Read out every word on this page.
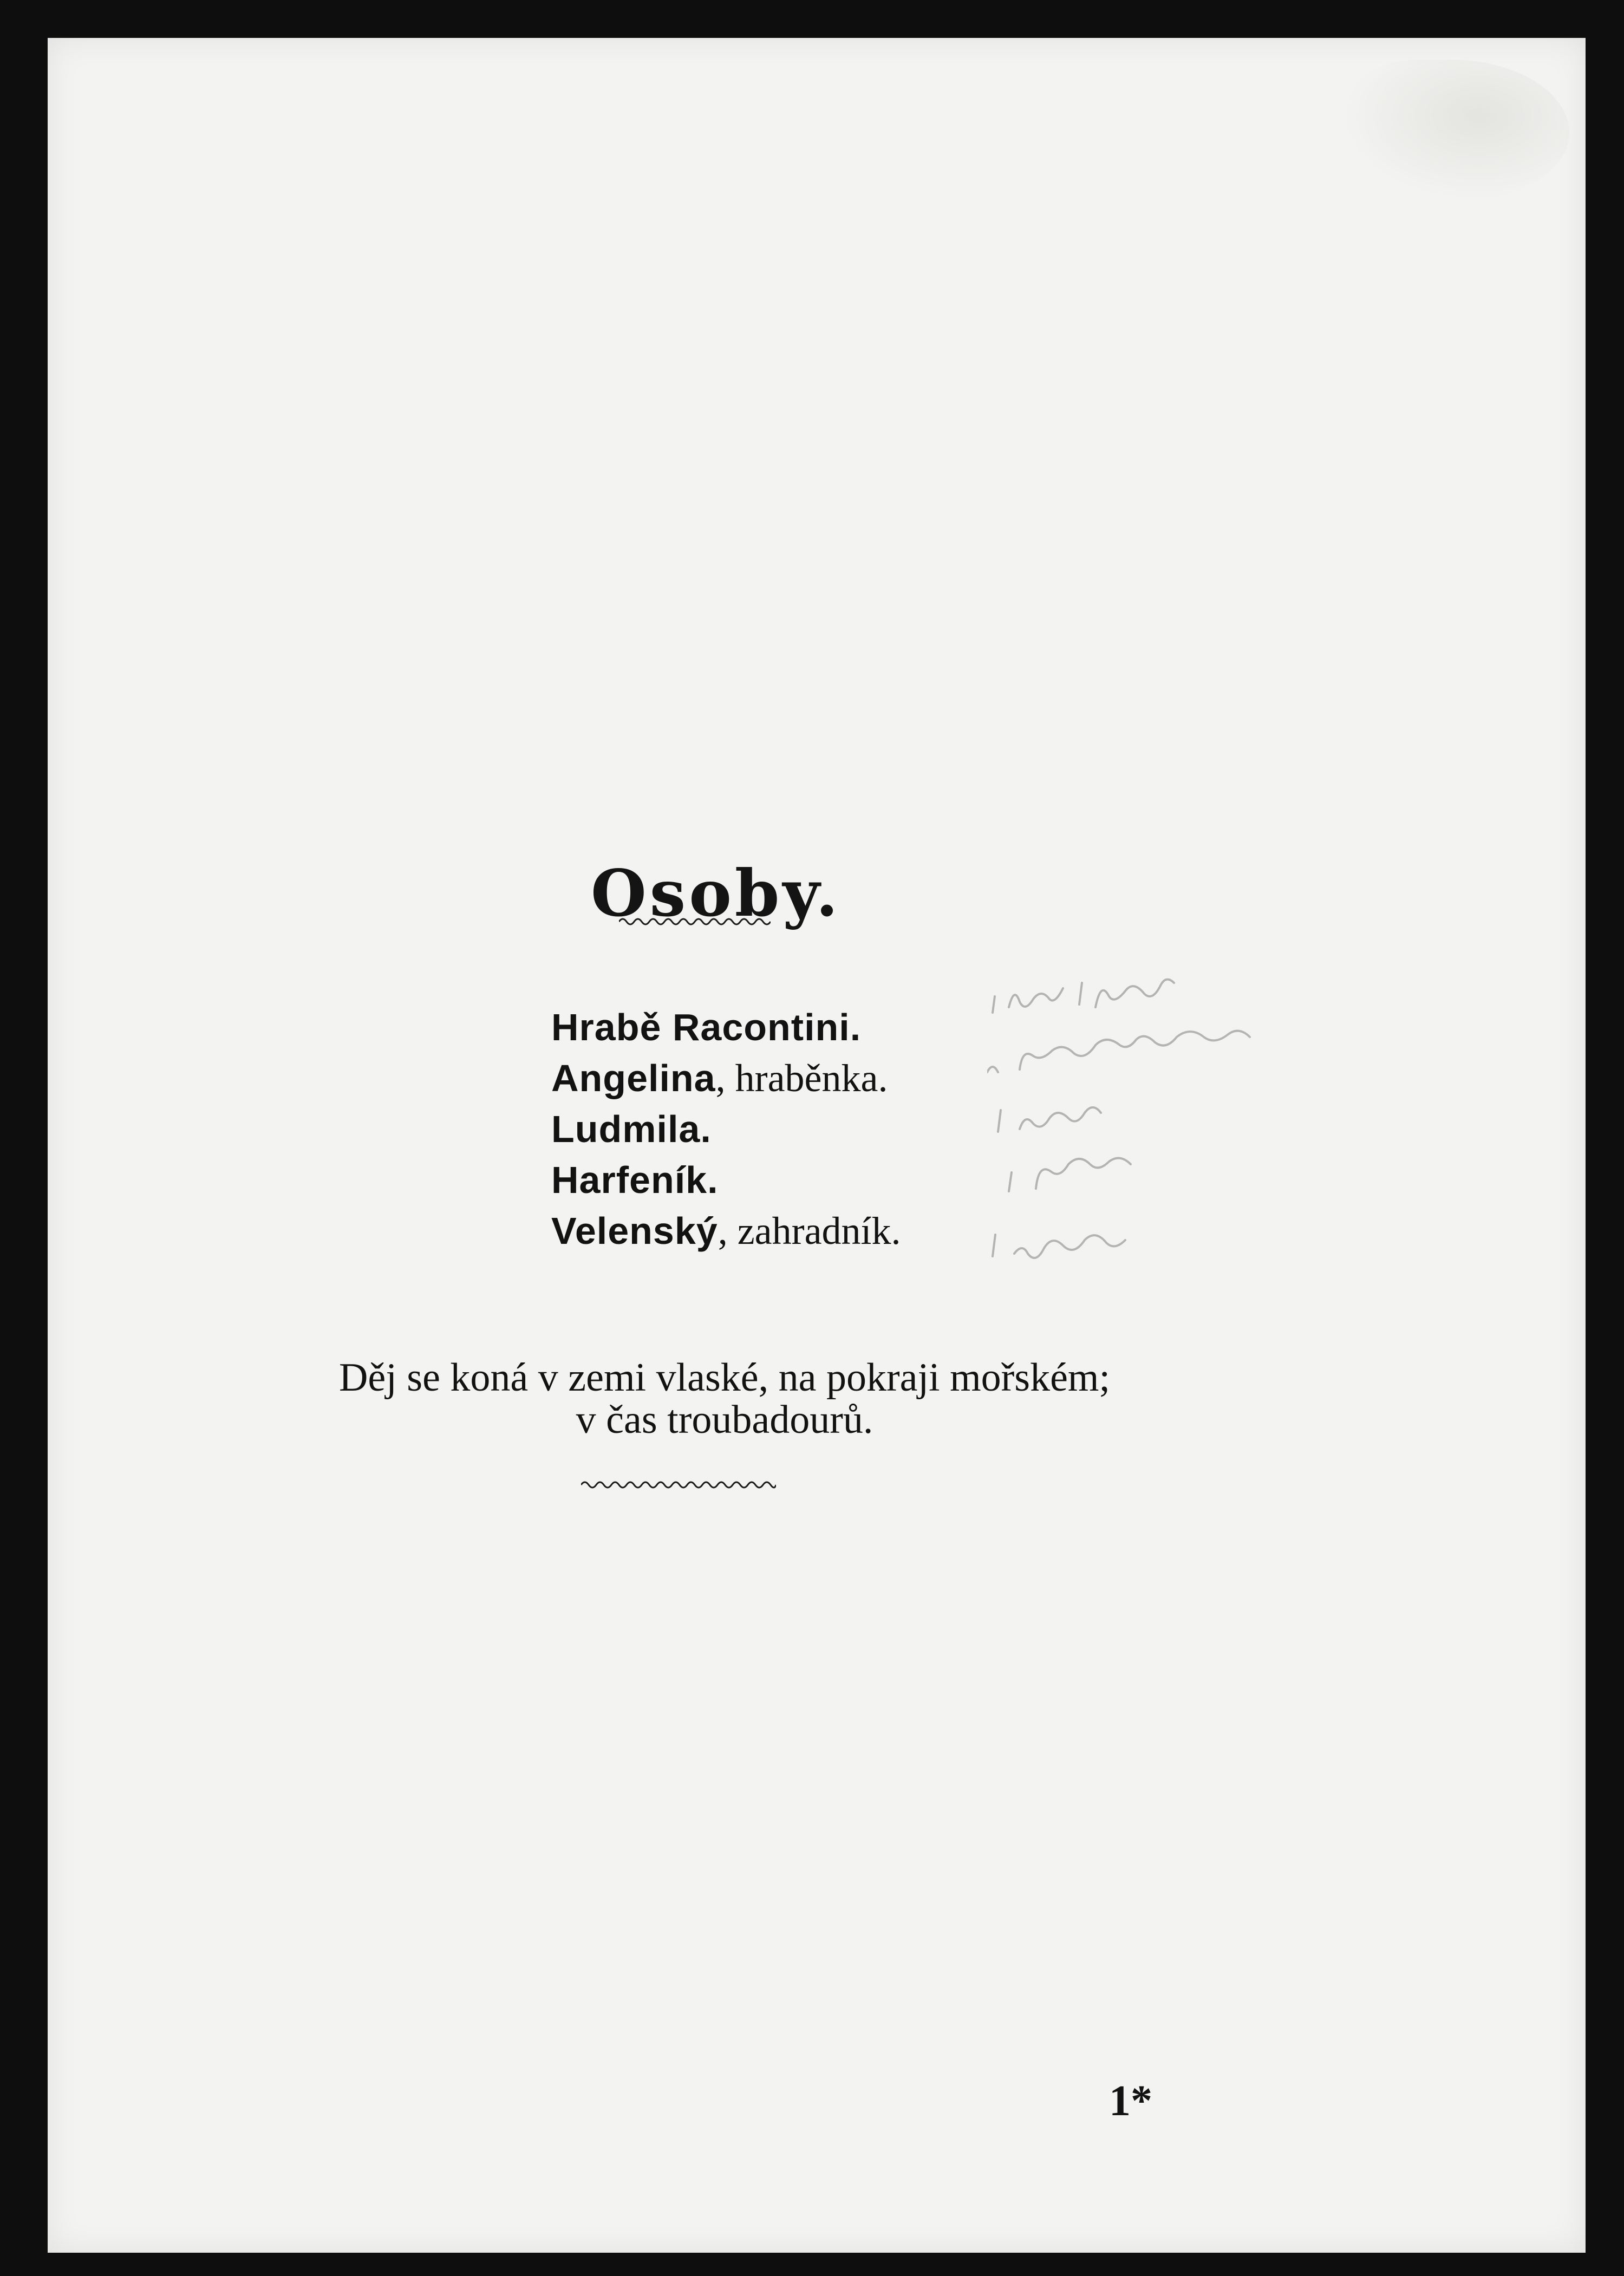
Osoby.
Hrabě Racontini.
Angelina, hraběnka.
Ludmila.
Harfeník.
Velenský, zahradník.
Děj se koná v zemi vlaské, na pokraji mořském;
v čas troubadourů.
1*
